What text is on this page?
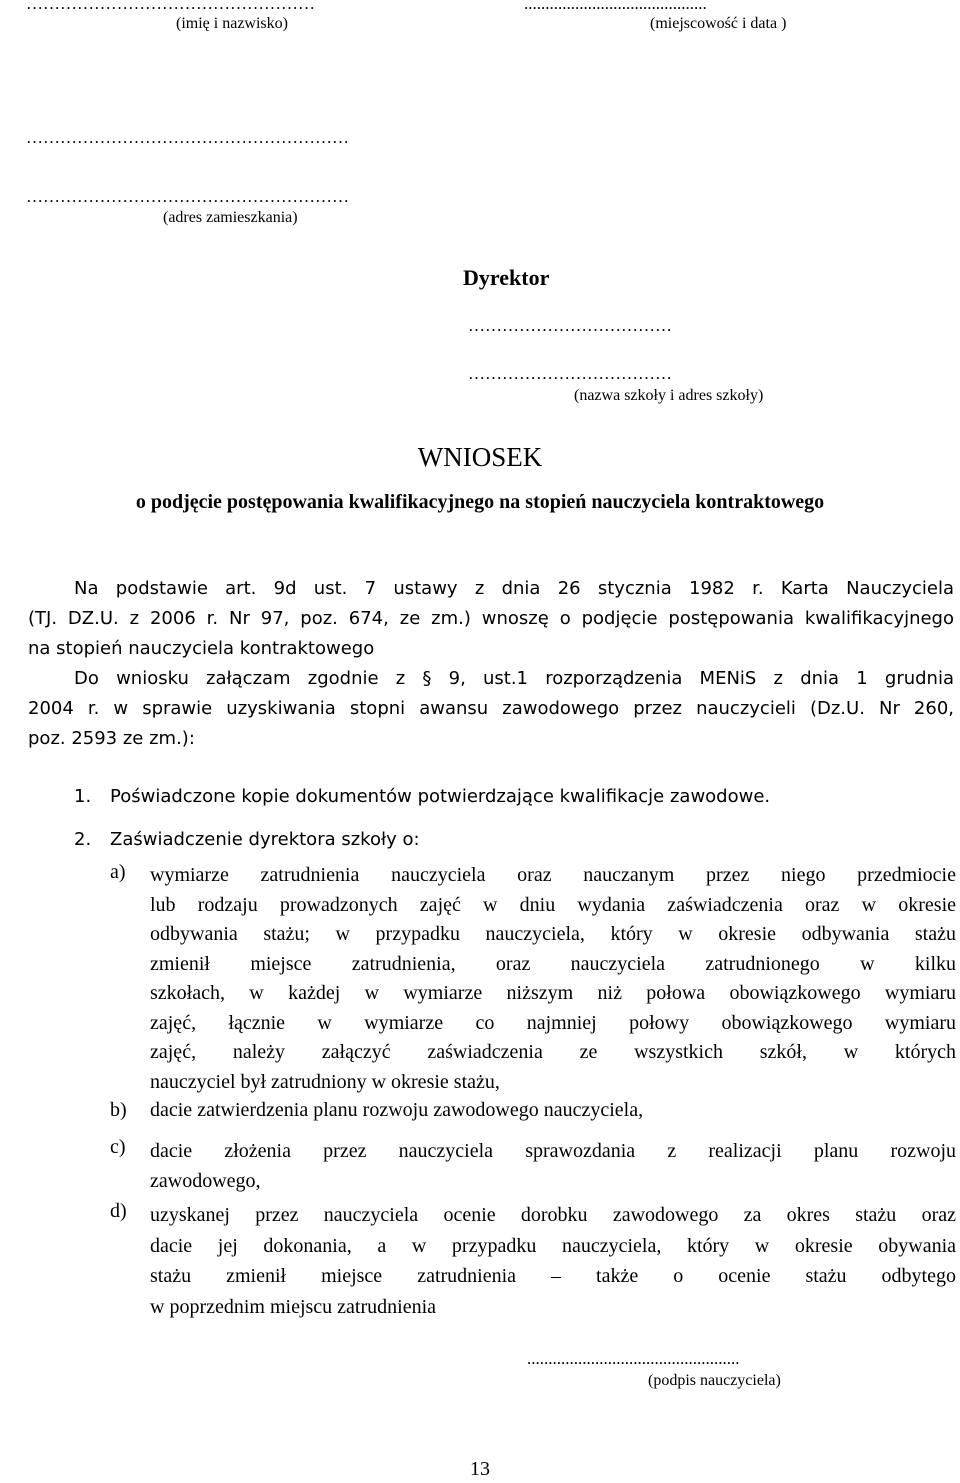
……………………………………………
(imię i nazwisko)
...........................................
(miejscowość i data )
…………………………………………………
…………………………………………………
(adres zamieszkania)
Dyrektor
………………………………
………………………………
(nazwa szkoły i adres szkoły)
WNIOSEK
o podjęcie postępowania kwalifikacyjnego na stopień nauczyciela kontraktowego
Na podstawie art. 9d ust. 7 ustawy z dnia 26 stycznia 1982 r. Karta Nauczyciela
(TJ. DZ.U. z 2006 r. Nr 97, poz. 674, ze zm.) wnoszę o podjęcie postępowania kwalifikacyjnego
na stopień nauczyciela kontraktowego
Do wniosku załączam zgodnie z § 9, ust.1 rozporządzenia MENiS z dnia 1 grudnia
2004 r. w sprawie uzyskiwania stopni awansu zawodowego przez nauczycieli (Dz.U. Nr 260,
poz. 2593 ze zm.):
1. Poświadczone kopie dokumentów potwierdzające kwalifikacje zawodowe.
2. Zaświadczenie dyrektora szkoły o:
a) wymiarze zatrudnienia nauczyciela oraz nauczanym przez niego przedmiocie
lub rodzaju prowadzonych zajęć w dniu wydania zaświadczenia oraz w okresie
odbywania stażu; w przypadku nauczyciela, który w okresie odbywania stażu
zmienił miejsce zatrudnienia, oraz nauczyciela zatrudnionego w kilku
szkołach, w każdej w wymiarze niższym niż połowa obowiązkowego wymiaru
zajęć, łącznie w wymiarze co najmniej połowy obowiązkowego wymiaru
zajęć, należy załączyć zaświadczenia ze wszystkich szkół, w których
nauczyciel był zatrudniony w okresie stażu,
b) dacie zatwierdzenia planu rozwoju zawodowego nauczyciela,
c) dacie złożenia przez nauczyciela sprawozdania z realizacji planu rozwoju
zawodowego,
d) uzyskanej przez nauczyciela ocenie dorobku zawodowego za okres stażu oraz
dacie jej dokonania, a w przypadku nauczyciela, który w okresie obywania
stażu zmienił miejsce zatrudnienia – także o ocenie stażu odbytego
w poprzednim miejscu zatrudnienia
..................................................
(podpis nauczyciela)
13
